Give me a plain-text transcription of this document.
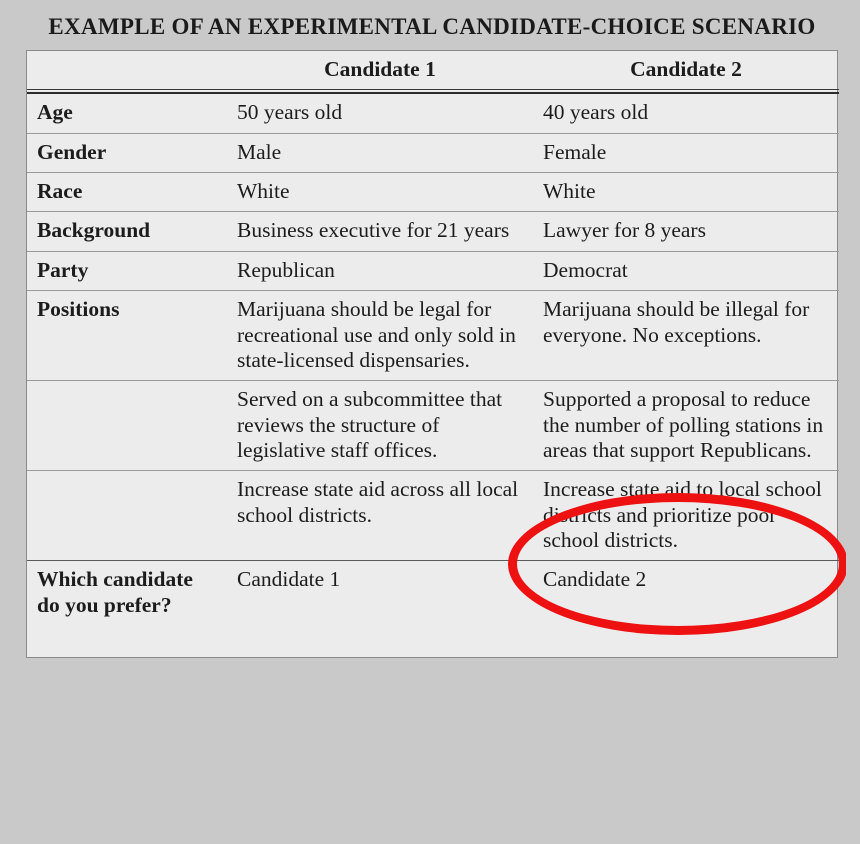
EXAMPLE OF AN EXPERIMENTAL CANDIDATE-CHOICE SCENARIO
	Candidate 1	Candidate 2

Age	50 years old	40 years old
Gender	Male	Female
Race	White	White
Background	Business executive for 21 years	Lawyer for 8 years
Party	Republican	Democrat
Positions	Marijuana should be legal for recreational use and only sold in state-licensed dispensaries.	Marijuana should be illegal for everyone. No exceptions.
	Served on a subcommittee that reviews the structure of legislative staff offices.	Supported a proposal to reduce the number of polling stations in areas that support Republicans.
	Increase state aid across all local school districts.	Increase state aid to local school districts and prioritize poor school districts.
Which candidate do you prefer?	Candidate 1	Candidate 2
